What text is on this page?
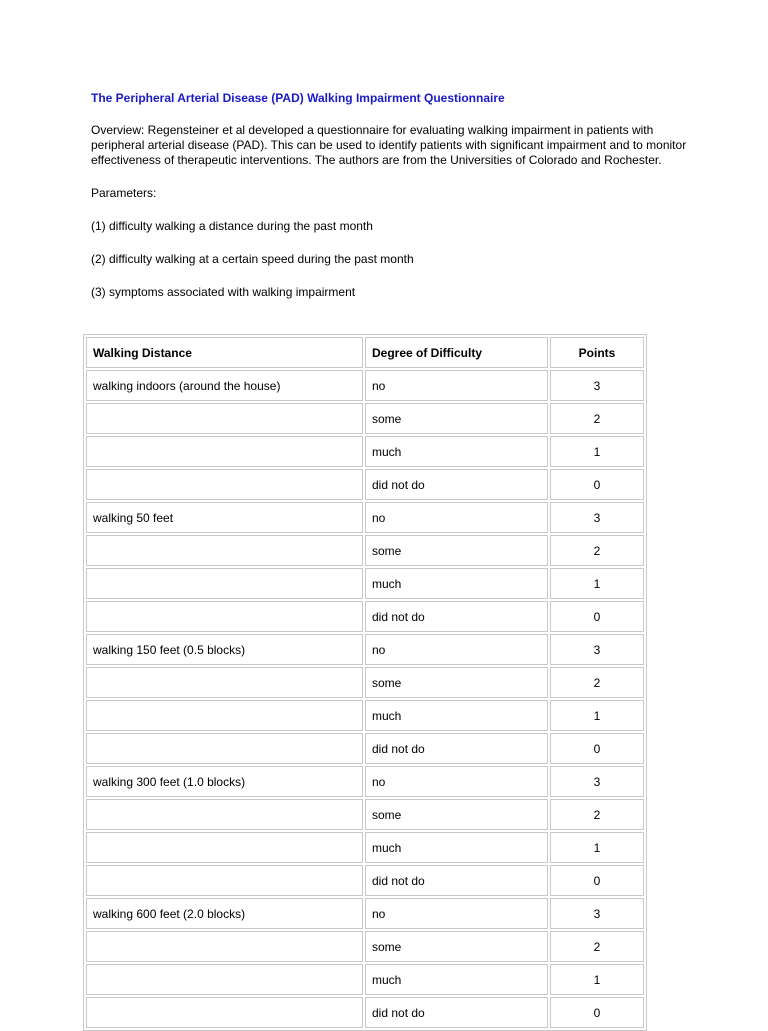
The Peripheral Arterial Disease (PAD) Walking Impairment Questionnaire

Overview: Regensteiner et al developed a questionnaire for evaluating walking impairment in patients with peripheral arterial disease (PAD). This can be used to identify patients with significant impairment and to monitor effectiveness of therapeutic interventions. The authors are from the Universities of Colorado and Rochester.

Parameters:

(1) difficulty walking a distance during the past month

(2) difficulty walking at a certain speed during the past month

(3) symptoms associated with walking impairment

Walking Distance	Degree of Difficulty	Points
walking indoors (around the house)	no	3
	some	2
	much	1
	did not do	0
walking 50 feet	no	3
	some	2
	much	1
	did not do	0
walking 150 feet (0.5 blocks)	no	3
	some	2
	much	1
	did not do	0
walking 300 feet (1.0 blocks)	no	3
	some	2
	much	1
	did not do	0
walking 600 feet (2.0 blocks)	no	3
	some	2
	much	1
	did not do	0
